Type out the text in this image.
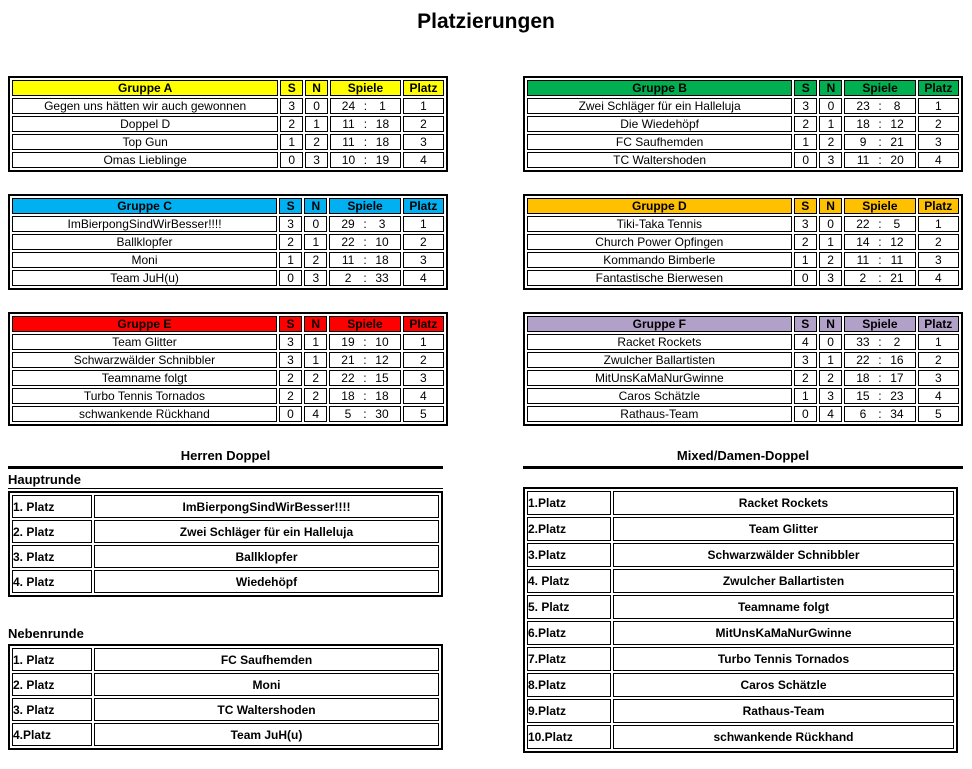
Platzierungen
Gruppe A	S	N	Spiele	Platz
Gegen uns hätten wir auch gewonnen	3	0	24 : 1	1
Doppel D	2	1	11 : 18	2
Top Gun	1	2	11 : 18	3
Omas Lieblinge	0	3	10 : 19	4
Gruppe B	S	N	Spiele	Platz
Zwei Schläger für ein Halleluja	3	0	23 : 8	1
Die Wiedehöpf	2	1	18 : 12	2
FC Saufhemden	1	2	9 : 21	3
TC Waltershoden	0	3	11 : 20	4
Gruppe C	S	N	Spiele	Platz
ImBierpongSindWirBesser!!!!	3	0	29 : 3	1
Ballklopfer	2	1	22 : 10	2
Moni	1	2	11 : 18	3
Team JuH(u)	0	3	2 : 33	4
Gruppe D	S	N	Spiele	Platz
Tiki-Taka Tennis	3	0	22 : 5	1
Church Power Opfingen	2	1	14 : 12	2
Kommando Bimberle	1	2	11 : 11	3
Fantastische Bierwesen	0	3	2 : 21	4
Gruppe E	S	N	Spiele	Platz
Team Glitter	3	1	19 : 10	1
Schwarzwälder Schnibbler	3	1	21 : 12	2
Teamname folgt	2	2	22 : 15	3
Turbo Tennis Tornados	2	2	18 : 18	4
schwankende Rückhand	0	4	5 : 30	5
Gruppe F	S	N	Spiele	Platz
Racket Rockets	4	0	33 : 2	1
Zwulcher Ballartisten	3	1	22 : 16	2
MitUnsKaMaNurGwinne	2	2	18 : 17	3
Caros Schätzle	1	3	15 : 23	4
Rathaus-Team	0	4	6 : 34	5
Herren Doppel
Hauptrunde
1. Platz	ImBierpongSindWirBesser!!!!
2. Platz	Zwei Schläger für ein Halleluja
3. Platz	Ballklopfer
4. Platz	Wiedehöpf
Nebenrunde
1. Platz	FC Saufhemden
2. Platz	Moni
3. Platz	TC Waltershoden
4.Platz	Team JuH(u)
Mixed/Damen-Doppel
1.Platz	Racket Rockets
2.Platz	Team Glitter
3.Platz	Schwarzwälder Schnibbler
4. Platz	Zwulcher Ballartisten
5. Platz	Teamname folgt
6.Platz	MitUnsKaMaNurGwinne
7.Platz	Turbo Tennis Tornados
8.Platz	Caros Schätzle
9.Platz	Rathaus-Team
10.Platz	schwankende Rückhand
